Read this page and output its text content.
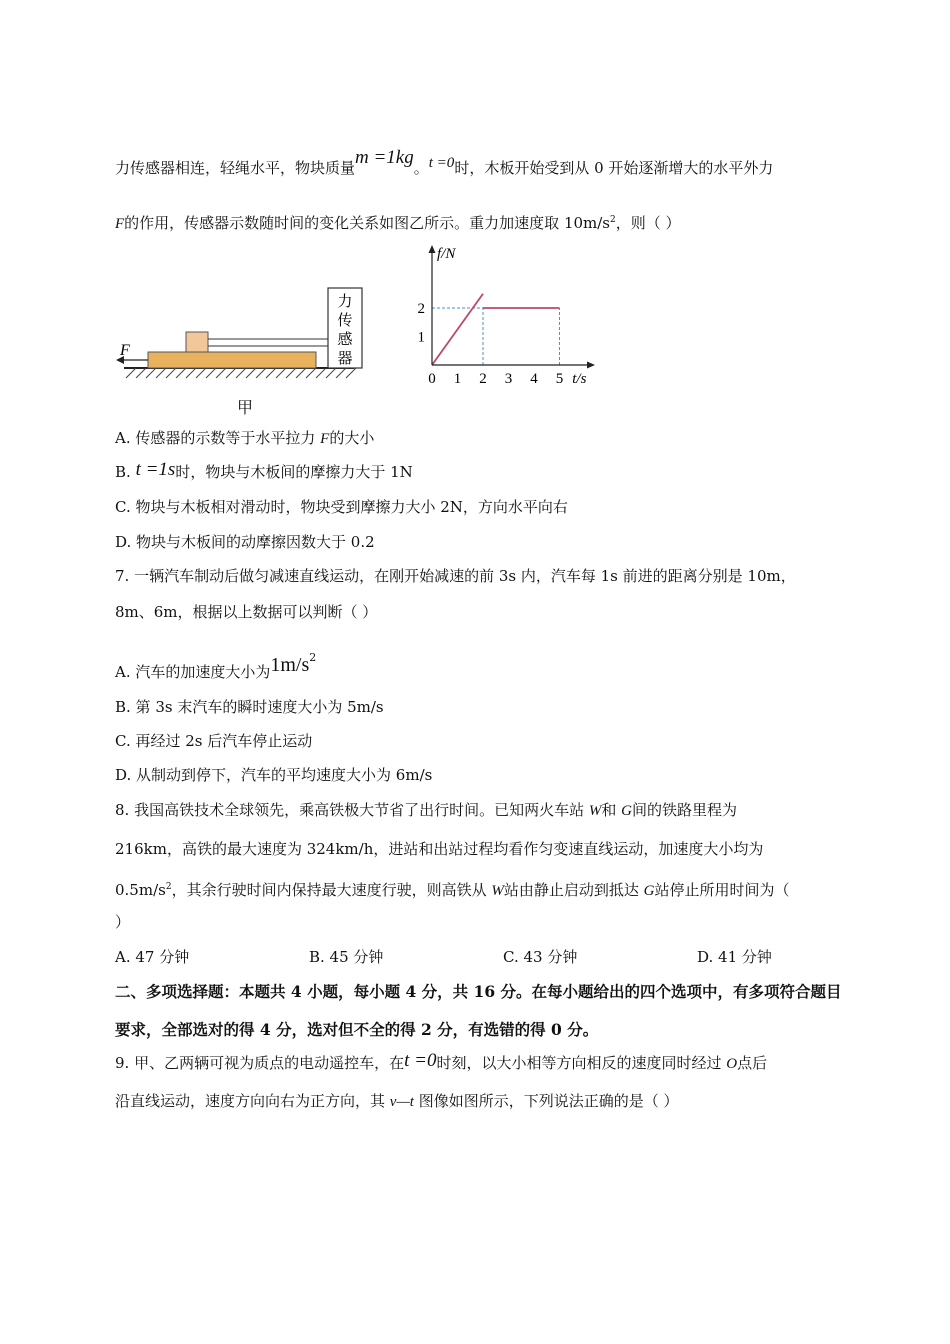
力传感器相连，轻绳水平，物块质量m =1kg。t =0时，木板开始受到从 0 开始逐渐增大的水平外力
F的作用，传感器示数随时间的变化关系如图乙所示。重力加速度取 $10m/s^2$，则（ ）
力
传
感
器
F
甲
0 1 2 3 4 5
1
2
f/N
t/s
A. 传感器的示数等于水平拉力 F的大小
B. t =1s时，物块与木板间的摩擦力大于 1N
C. 物块与木板相对滑动时，物块受到摩擦力大小 2N，方向水平向右
D. 物块与木板间的动摩擦因数大于 0.2
7. 一辆汽车制动后做匀减速直线运动，在刚开始减速的前 3s 内，汽车每 1s 前进的距离分别是 10m，
8m、6m，根据以上数据可以判断（ ）
A. 汽车的加速度大小为$1m/s^2$
B. 第 3s 末汽车的瞬时速度大小为 5m/s
C. 再经过 2s 后汽车停止运动
D. 从制动到停下，汽车的平均速度大小为 6m/s
8. 我国高铁技术全球领先，乘高铁极大节省了出行时间。已知两火车站 W和 G间的铁路里程为
216km，高铁的最大速度为 324km/h，进站和出站过程均看作匀变速直线运动，加速度大小均为
$0.5m/s^2$，其余行驶时间内保持最大速度行驶，则高铁从 W站由静止启动到抵达 G站停止所用时间为（
）
A. 47 分钟	B. 45 分钟	C. 43 分钟	D. 41 分钟
二、多项选择题：本题共 4 小题，每小题 4 分，共 16 分。在每小题给出的四个选项中，有多项符合题目
要求，全部选对的得 4 分，选对但不全的得 2 分，有选错的得 0 分。
9. 甲、乙两辆可视为质点的电动遥控车，在t =0时刻，以大小相等方向相反的速度同时经过 O点后
沿直线运动，速度方向向右为正方向，其 v—t 图像如图所示，下列说法正确的是（ ）
